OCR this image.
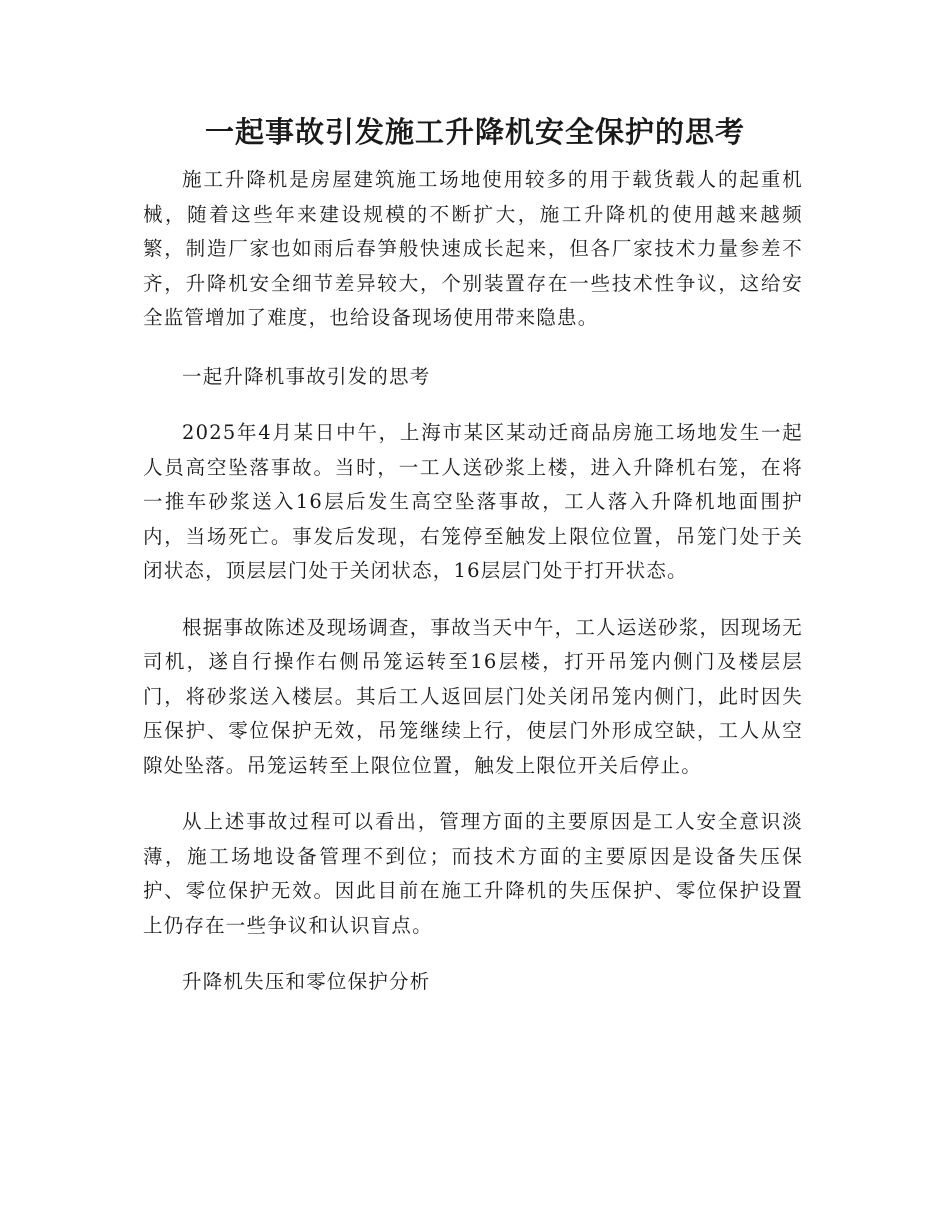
一起事故引发施工升降机安全保护的思考

施工升降机是房屋建筑施工场地使用较多的用于载货载人的起重机械，随着这些年来建设规模的不断扩大，施工升降机的使用越来越频繁，制造厂家也如雨后春笋般快速成长起来，但各厂家技术力量参差不齐，升降机安全细节差异较大，个别装置存在一些技术性争议，这给安全监管增加了难度，也给设备现场使用带来隐患。

一起升降机事故引发的思考

2025年4月某日中午，上海市某区某动迁商品房施工场地发生一起人员高空坠落事故。当时，一工人送砂浆上楼，进入升降机右笼，在将一推车砂浆送入16层后发生高空坠落事故，工人落入升降机地面围护内，当场死亡。事发后发现，右笼停至触发上限位位置，吊笼门处于关闭状态，顶层层门处于关闭状态，16层层门处于打开状态。

根据事故陈述及现场调查，事故当天中午，工人运送砂浆，因现场无司机，遂自行操作右侧吊笼运转至16层楼，打开吊笼内侧门及楼层层门，将砂浆送入楼层。其后工人返回层门处关闭吊笼内侧门，此时因失压保护、零位保护无效，吊笼继续上行，使层门外形成空缺，工人从空隙处坠落。吊笼运转至上限位位置，触发上限位开关后停止。

从上述事故过程可以看出，管理方面的主要原因是工人安全意识淡薄，施工场地设备管理不到位；而技术方面的主要原因是设备失压保护、零位保护无效。因此目前在施工升降机的失压保护、零位保护设置上仍存在一些争议和认识盲点。

升降机失压和零位保护分析
